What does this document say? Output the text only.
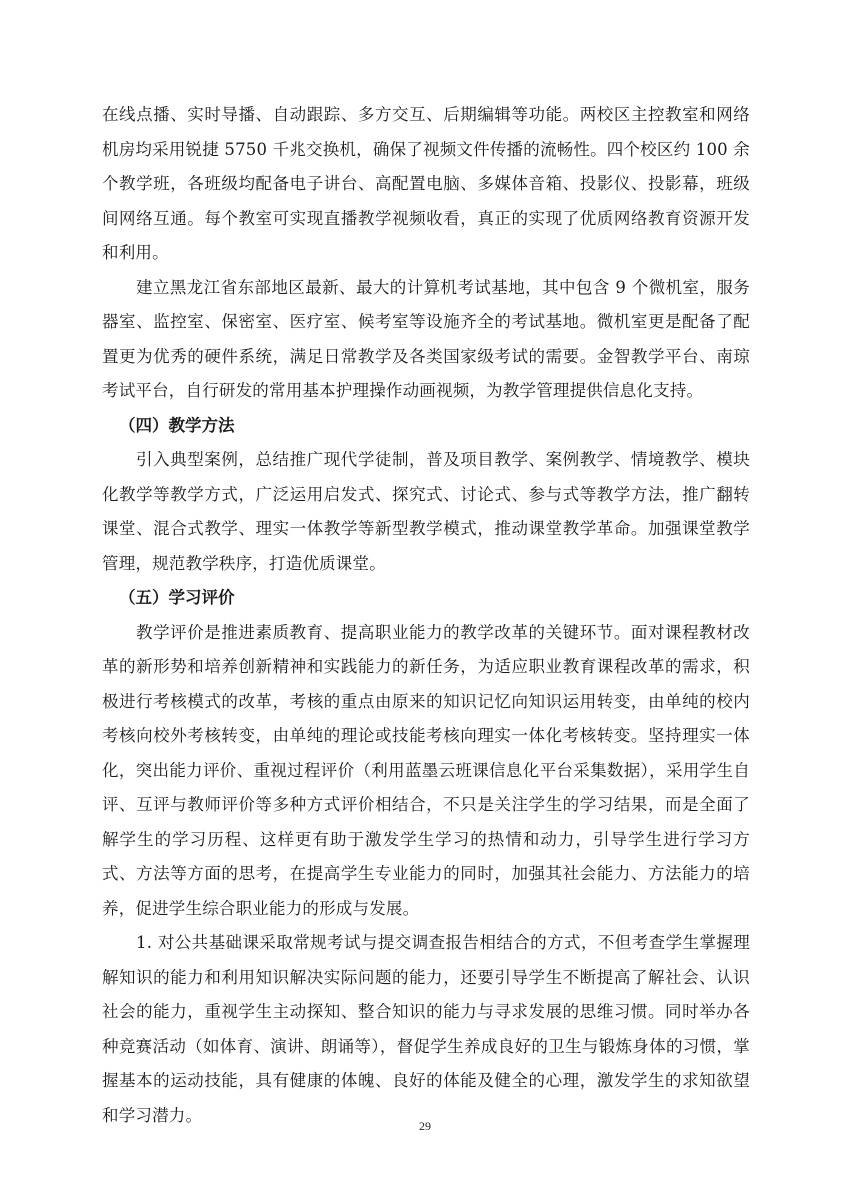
在线点播、实时导播、自动跟踪、多方交互、后期编辑等功能。两校区主控教室和网络机房均采用锐捷 5750 千兆交换机，确保了视频文件传播的流畅性。四个校区约 100 余个教学班，各班级均配备电子讲台、高配置电脑、多媒体音箱、投影仪、投影幕，班级间网络互通。每个教室可实现直播教学视频收看，真正的实现了优质网络教育资源开发和利用。

建立黑龙江省东部地区最新、最大的计算机考试基地，其中包含 9 个微机室，服务器室、监控室、保密室、医疗室、候考室等设施齐全的考试基地。微机室更是配备了配置更为优秀的硬件系统，满足日常教学及各类国家级考试的需要。金智教学平台、南琼考试平台，自行研发的常用基本护理操作动画视频，为教学管理提供信息化支持。

（四）教学方法

引入典型案例，总结推广现代学徒制，普及项目教学、案例教学、情境教学、模块化教学等教学方式，广泛运用启发式、探究式、讨论式、参与式等教学方法，推广翻转课堂、混合式教学、理实一体教学等新型教学模式，推动课堂教学革命。加强课堂教学管理，规范教学秩序，打造优质课堂。

（五）学习评价

教学评价是推进素质教育、提高职业能力的教学改革的关键环节。面对课程教材改革的新形势和培养创新精神和实践能力的新任务，为适应职业教育课程改革的需求，积极进行考核模式的改革，考核的重点由原来的知识记忆向知识运用转变，由单纯的校内考核向校外考核转变，由单纯的理论或技能考核向理实一体化考核转变。坚持理实一体化，突出能力评价、重视过程评价（利用蓝墨云班课信息化平台采集数据），采用学生自评、互评与教师评价等多种方式评价相结合，不只是关注学生的学习结果，而是全面了解学生的学习历程、这样更有助于激发学生学习的热情和动力，引导学生进行学习方式、方法等方面的思考，在提高学生专业能力的同时，加强其社会能力、方法能力的培养，促进学生综合职业能力的形成与发展。

1. 对公共基础课采取常规考试与提交调查报告相结合的方式，不但考查学生掌握理解知识的能力和利用知识解决实际问题的能力，还要引导学生不断提高了解社会、认识社会的能力，重视学生主动探知、整合知识的能力与寻求发展的思维习惯。同时举办各种竞赛活动（如体育、演讲、朗诵等），督促学生养成良好的卫生与锻炼身体的习惯，掌握基本的运动技能，具有健康的体魄、良好的体能及健全的心理，激发学生的求知欲望和学习潜力。

29
